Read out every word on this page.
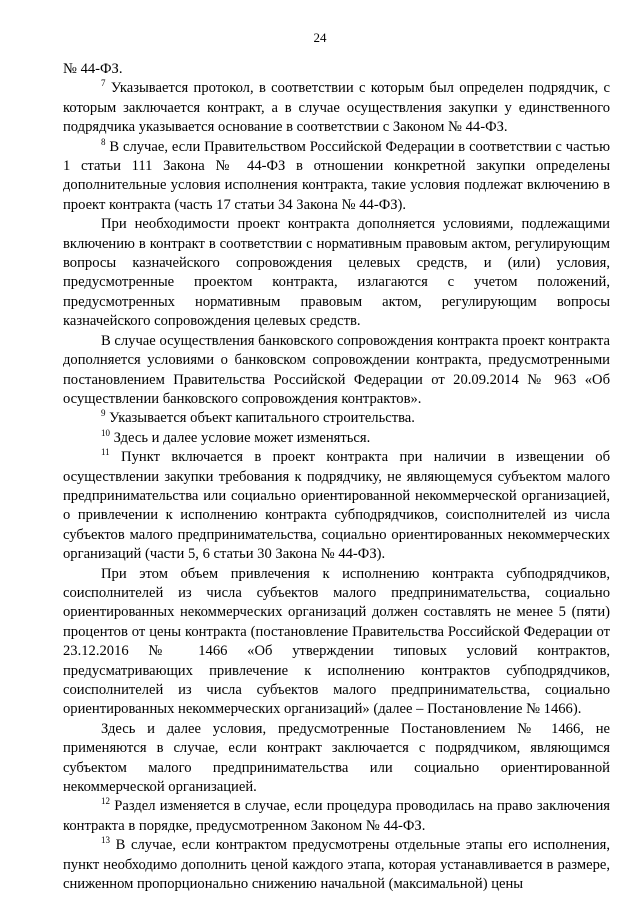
24

№ 44-ФЗ.

$^7$ Указывается протокол, в соответствии с которым был определен подрядчик, с которым заключается контракт, а в случае осуществления закупки у единственного подрядчика указывается основание в соответствии с Законом № 44-ФЗ.

$^8$ В случае, если Правительством Российской Федерации в соответствии с частью 1 статьи 111 Закона № 44-ФЗ в отношении конкретной закупки определены дополнительные условия исполнения контракта, такие условия подлежат включению в проект контракта (часть 17 статьи 34 Закона № 44-ФЗ).

При необходимости проект контракта дополняется условиями, подлежащими включению в контракт в соответствии с нормативным правовым актом, регулирующим вопросы казначейского сопровождения целевых средств, и (или) условия, предусмотренные проектом контракта, излагаются с учетом положений, предусмотренных нормативным правовым актом, регулирующим вопросы казначейского сопровождения целевых средств.

В случае осуществления банковского сопровождения контракта проект контракта дополняется условиями о банковском сопровождении контракта, предусмотренными постановлением Правительства Российской Федерации от 20.09.2014 № 963 «Об осуществлении банковского сопровождения контрактов».

$^9$ Указывается объект капитального строительства.

$^{10}$ Здесь и далее условие может изменяться.

$^{11}$ Пункт включается в проект контракта при наличии в извещении об осуществлении закупки требования к подрядчику, не являющемуся субъектом малого предпринимательства или социально ориентированной некоммерческой организацией, о привлечении к исполнению контракта субподрядчиков, соисполнителей из числа субъектов малого предпринимательства, социально ориентированных некоммерческих организаций (части 5, 6 статьи 30 Закона № 44-ФЗ).

При этом объем привлечения к исполнению контракта субподрядчиков, соисполнителей из числа субъектов малого предпринимательства, социально ориентированных некоммерческих организаций должен составлять не менее 5 (пяти) процентов от цены контракта (постановление Правительства Российской Федерации от 23.12.2016 № 1466 «Об утверждении типовых условий контрактов, предусматривающих привлечение к исполнению контрактов субподрядчиков, соисполнителей из числа субъектов малого предпринимательства, социально ориентированных некоммерческих организаций» (далее – Постановление № 1466).

Здесь и далее условия, предусмотренные Постановлением № 1466, не применяются в случае, если контракт заключается с подрядчиком, являющимся субъектом малого предпринимательства или социально ориентированной некоммерческой организацией.

$^{12}$ Раздел изменяется в случае, если процедура проводилась на право заключения контракта в порядке, предусмотренном Законом № 44-ФЗ.

$^{13}$ В случае, если контрактом предусмотрены отдельные этапы его исполнения, пункт необходимо дополнить ценой каждого этапа, которая устанавливается в размере, сниженном пропорционально снижению начальной (максимальной) цены
